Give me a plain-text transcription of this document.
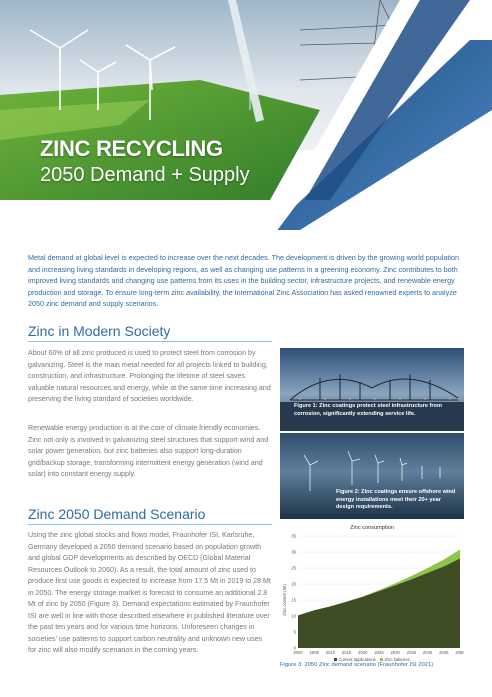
ZINC RECYCLING
2050 Demand + Supply
Metal demand at global level is expected to increase over the next decades. The development is driven by the growing world population and increasing living standards in developing regions, as well as changing use patterns in a greening economy. Zinc contributes to both improved living standards and changing use patterns from its uses in the building sector, infrastructure projects, and renewable energy production and storage. To ensure long-term zinc availability, the International Zinc Association has asked renowned experts to analyze 2050 zinc demand and supply scenarios.
Zinc in Modern Society
About 60% of all zinc produced is used to protect steel from corrosion by galvanizing. Steel is the main metal needed for all projects linked to building, construction, and infrastructure. Prolonging the lifetime of steel saves valuable natural resources and energy, while at the same time increasing and preserving the living standard of societies worldwide.
Renewable energy production is at the core of climate friendly economies. Zinc not only is involved in galvanizing steel structures that support wind and solar power generation, but zinc batteries also support long-duration grid/backup storage, transforming intermittent energy generation (wind and solar) into constant energy supply.
Figure 1: Zinc coatings protect steel infrastructure from corrosion, significantly extending service life.
Figure 2: Zinc coatings ensure offshore wind energy installations meet their 20+ year design requirements.
Zinc 2050 Demand Scenario
Using the zinc global stocks and flows model, Fraunhofer ISI, Karlsruhe, Germany developed a 2050 demand scenario based on population growth and global GDP developments as described by OECD (Global Material Resources Outlook to 2060). As a result, the total amount of zinc used to produce first use goods is expected to increase from 17.5 Mt in 2019 to 28 Mt in 2050. The energy storage market is forecast to consume an additional 2.8 Mt of zinc by 2050 (Figure 3). Demand expectations estimated by Fraunhofer ISI are well in line with those described elsewhere in published literature over the past ten years and for various time horizons. Unforeseen changes in societies' use patterns to support carbon neutrality and unknown new uses for zinc will also modify scenarios in the coming years.
Zinc consumption
Zinc content (Mt)
0
5
10
15
20
25
30
35
2000 2005 2010 2015 2020 2025 2030 2035 2040 2045 2050
Current applications Zinc batteries
Figure 3: 2050 Zinc demand scenario (Fraunhofer ISI 2021)
